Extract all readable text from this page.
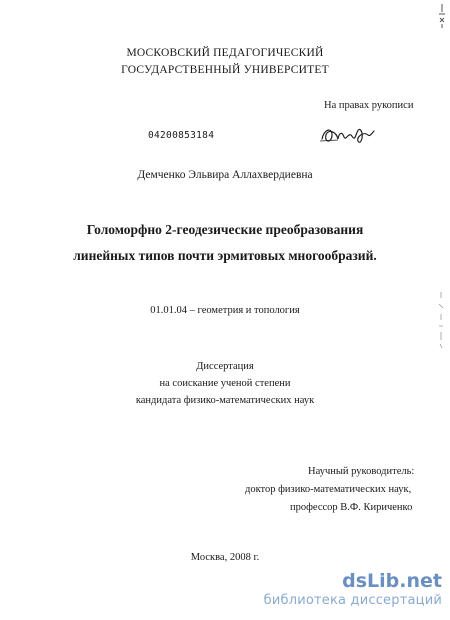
МОСКОВСКИЙ ПЕДАГОГИЧЕСКИЙ
ГОСУДАРСТВЕННЫЙ УНИВЕРСИТЕТ
На правах рукописи
04200853184
Демченко Эльвира Аллахвердиевна
Голоморфно 2-геодезические преобразования
линейных типов почти эрмитовых многообразий.
01.01.04 – геометрия и топология
Диссертация
на соискание ученой степени
кандидата физико-математических наук
Научный руководитель:
доктор физико-математических наук,
профессор В.Ф. Кириченко
Москва, 2008 г.
dsLib.net
библиотека диссертаций
